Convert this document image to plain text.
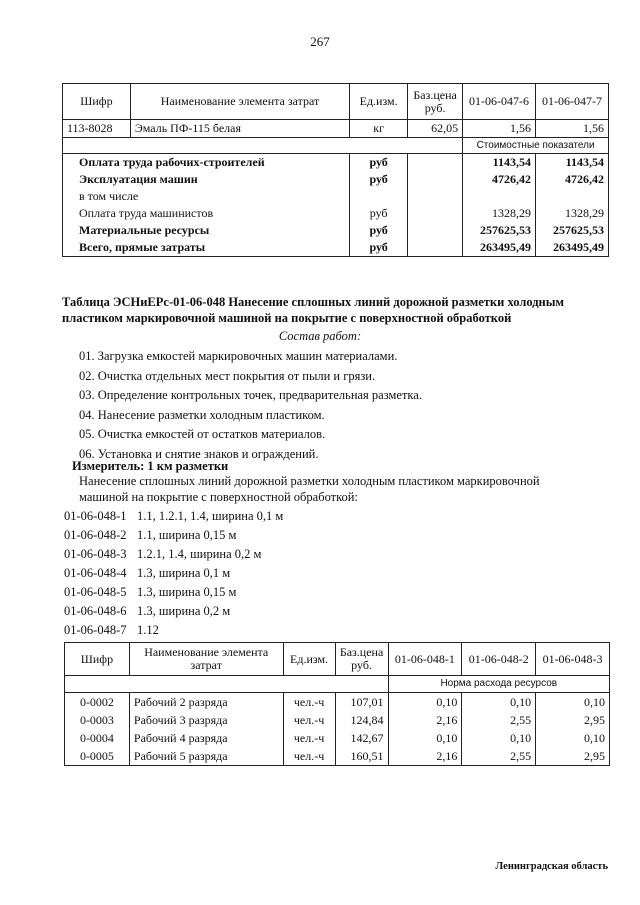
267
Шифр	Наименование элемента затрат	Ед.изм.	Баз.цена руб.	01-06-047-6	01-06-047-7
113-8028	Эмаль ПФ-115 белая	кг	62,05	1,56	1,56
				Стоимостные показатели	
Оплата труда рабочих-строителей		руб		1143,54	1143,54
Эксплуатация машин		руб		4726,42	4726,42
в том числе					
Оплата труда машинистов		руб		1328,29	1328,29
Материальные ресурсы		руб		257625,53	257625,53
Всего, прямые затраты		руб		263495,49	263495,49
Таблица ЭСНиЕРс-01-06-048 Нанесение сплошных линий дорожной разметки холодным пластиком маркировочной машиной на покрытие с поверхностной обработкой
Состав работ:
01. Загрузка емкостей маркировочных машин материалами.
02. Очистка отдельных мест покрытия от пыли и грязи.
03. Определение контрольных точек, предварительная разметка.
04. Нанесение разметки холодным пластиком.
05. Очистка емкостей от остатков материалов.
06. Установка и снятие знаков и ограждений.
Измеритель: 1 км разметки
Нанесение сплошных линий дорожной разметки холодным пластиком маркировочной машиной на покрытие с поверхностной обработкой:
01-06-048-1 1.1, 1.2.1, 1.4, ширина 0,1 м
01-06-048-2 1.1, ширина 0,15 м
01-06-048-3 1.2.1, 1.4, ширина 0,2 м
01-06-048-4 1.3, ширина 0,1 м
01-06-048-5 1.3, ширина 0,15 м
01-06-048-6 1.3, ширина 0,2 м
01-06-048-7 1.12
Шифр	Наименование элемента затрат	Ед.изм.	Баз.цена руб.	01-06-048-1	01-06-048-2	01-06-048-3
				Норма расхода ресурсов		
0-0002	Рабочий 2 разряда	чел.-ч	107,01	0,10	0,10	0,10
0-0003	Рабочий 3 разряда	чел.-ч	124,84	2,16	2,55	2,95
0-0004	Рабочий 4 разряда	чел.-ч	142,67	0,10	0,10	0,10
0-0005	Рабочий 5 разряда	чел.-ч	160,51	2,16	2,55	2,95
Ленинградская область
